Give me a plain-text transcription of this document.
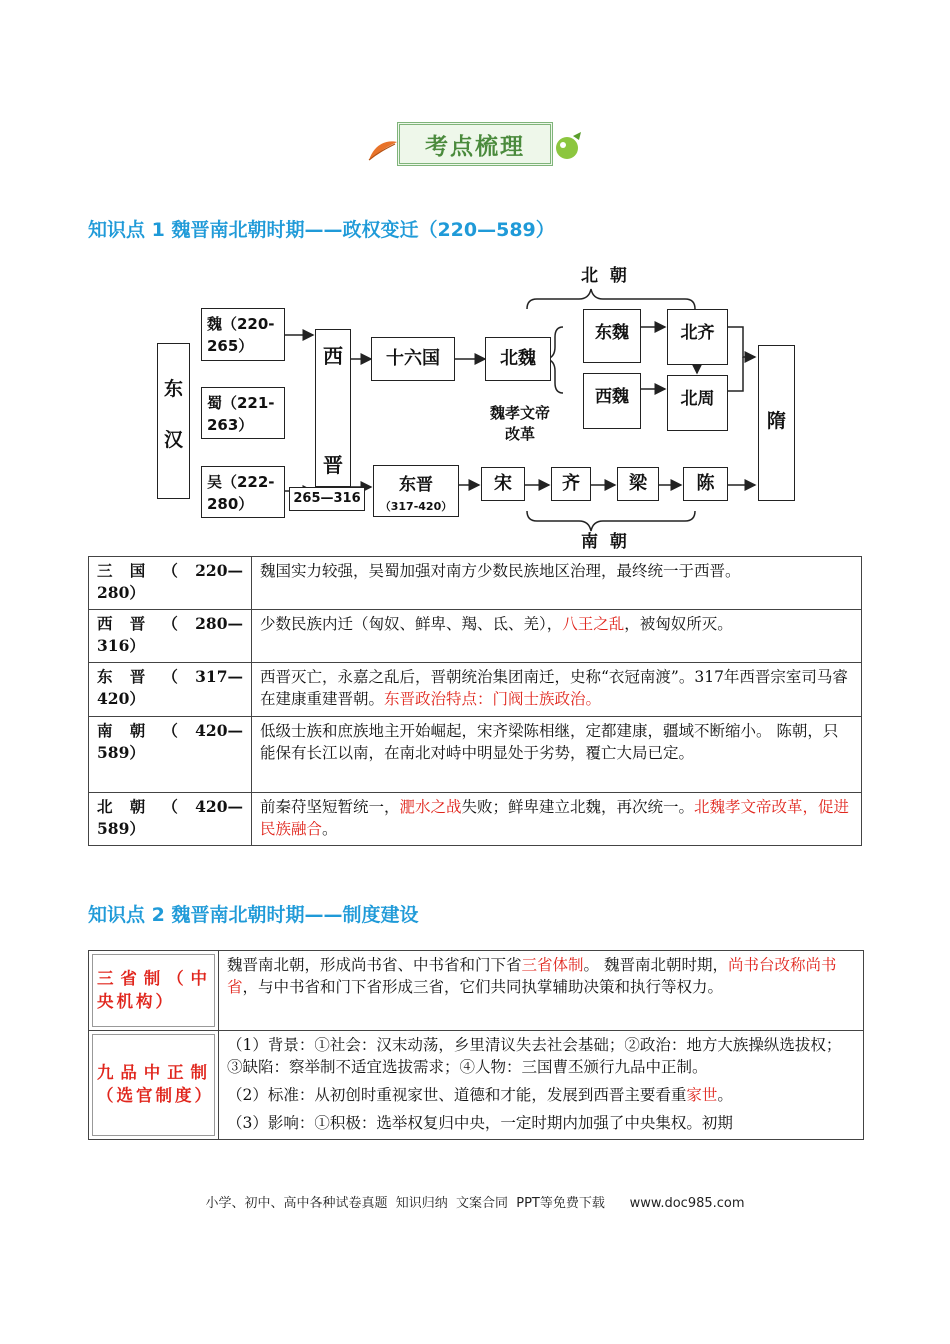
考点梳理
知识点 1 魏晋南北朝时期——政权变迁（220—589）
东
汉
魏（220-
265）
蜀（221-
263）
吴（222-
280）
西
晋
265—316
十六国	北魏
魏孝文帝
改革
东魏	北齐
西魏	北周
隋
东晋
（317-420）
宋	齐	梁	陈
北  朝
南  朝
三 国 （ 220—
280）	魏国实力较强，吴蜀加强对南方少数民族地区治理，最终统一于西晋。

西 晋 （ 280—
316）	少数民族内迁（匈奴、鲜卑、羯、氐、羌），八王之乱，被匈奴所灭。

东 晋 （ 317—
420）	西晋灭亡，永嘉之乱后，晋朝统治集团南迁，史称“衣冠南渡”。317年西晋宗室司马睿在建康重建晋朝。东晋政治特点：门阀士族政治。

南 朝 （ 420—
589）	低级士族和庶族地主开始崛起，宋齐梁陈相继，定都建康，疆域不断缩小。 陈朝，只能保有长江以南，在南北对峙中明显处于劣势，覆亡大局已定。

北 朝 （ 420—
589）	前秦苻坚短暂统一，淝水之战失败；鲜卑建立北魏，再次统一。北魏孝文帝改革，促进民族融合。
知识点 2 魏晋南北朝时期——制度建设
三省制（中央机构）	魏晋南北朝，形成尚书省、中书省和门下省三省体制。 魏晋南北朝时期，尚书台改称尚书省，与中书省和门下省形成三省，它们共同执掌辅助决策和执行等权力。

九品中正制（选官制度）	（1）背景：①社会：汉末动荡，乡里清议失去社会基础；②政治：地方大族操纵选拔权；③缺陷：察举制不适宜选拔需求；④人物：三国曹丕颁行九品中正制。
（2）标准：从初创时重视家世、道德和才能，发展到西晋主要看重家世。
（3）影响：①积极：选举权复归中央，一定时期内加强了中央集权。初期
小学、初中、高中各种试卷真题  知识归纳  文案合同  PPT等免费下载      www.doc985.com
